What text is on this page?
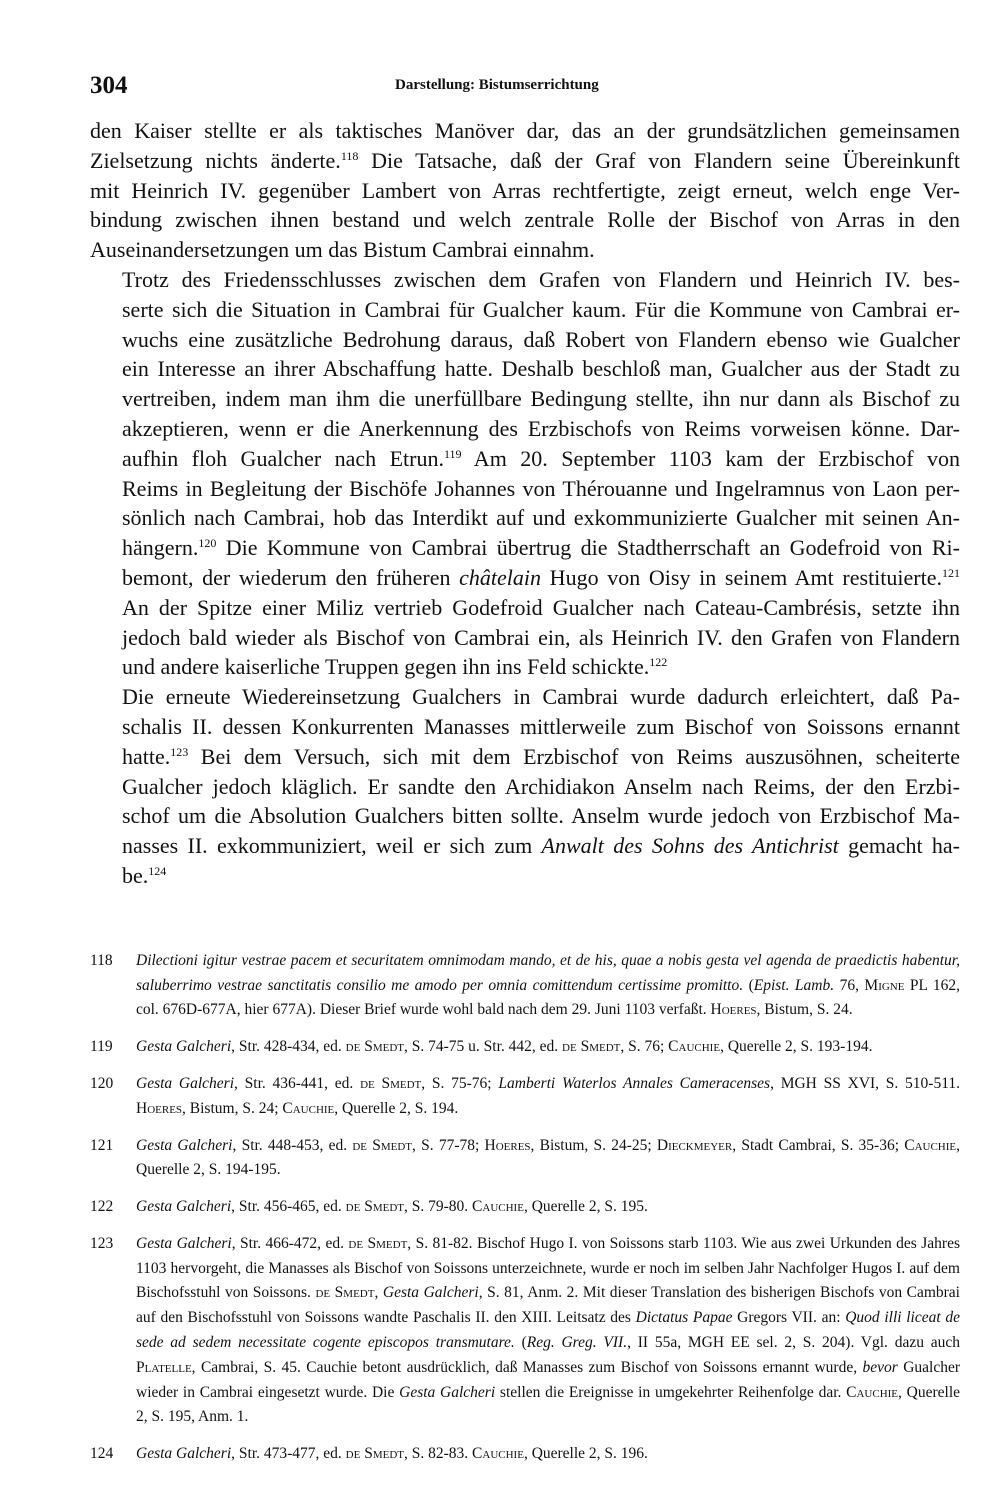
304	Darstellung: Bistumserrichtung

den Kaiser stellte er als taktisches Manöver dar, das an der grundsätzlichen gemeinsamen
Zielsetzung nichts änderte.$^{118}$ Die Tatsache, daß der Graf von Flandern seine Übereinkunft
mit Heinrich IV. gegenüber Lambert von Arras rechtfertigte, zeigt erneut, welch enge Ver-
bindung zwischen ihnen bestand und welch zentrale Rolle der Bischof von Arras in den
Auseinandersetzungen um das Bistum Cambrai einnahm.

Trotz des Friedensschlusses zwischen dem Grafen von Flandern und Heinrich IV. bes-
serte sich die Situation in Cambrai für Gualcher kaum. Für die Kommune von Cambrai er-
wuchs eine zusätzliche Bedrohung daraus, daß Robert von Flandern ebenso wie Gualcher
ein Interesse an ihrer Abschaffung hatte. Deshalb beschloß man, Gualcher aus der Stadt zu
vertreiben, indem man ihm die unerfüllbare Bedingung stellte, ihn nur dann als Bischof zu
akzeptieren, wenn er die Anerkennung des Erzbischofs von Reims vorweisen könne. Dar-
aufhin floh Gualcher nach Etrun.$^{119}$ Am 20. September 1103 kam der Erzbischof von
Reims in Begleitung der Bischöfe Johannes von Thérouanne und Ingelramnus von Laon per-
sönlich nach Cambrai, hob das Interdikt auf und exkommunizierte Gualcher mit seinen An-
hängern.$^{120}$ Die Kommune von Cambrai übertrug die Stadtherrschaft an Godefroid von Ri-
bemont, der wiederum den früheren châtelain Hugo von Oisy in seinem Amt restituierte.$^{121}$
An der Spitze einer Miliz vertrieb Godefroid Gualcher nach Cateau-Cambrésis, setzte ihn
jedoch bald wieder als Bischof von Cambrai ein, als Heinrich IV. den Grafen von Flandern
und andere kaiserliche Truppen gegen ihn ins Feld schickte.$^{122}$

Die erneute Wiedereinsetzung Gualchers in Cambrai wurde dadurch erleichtert, daß Pa-
schalis II. dessen Konkurrenten Manasses mittlerweile zum Bischof von Soissons ernannt
hatte.$^{123}$ Bei dem Versuch, sich mit dem Erzbischof von Reims auszusöhnen, scheiterte
Gualcher jedoch kläglich. Er sandte den Archidiakon Anselm nach Reims, der den Erzbi-
schof um die Absolution Gualchers bitten sollte. Anselm wurde jedoch von Erzbischof Ma-
nasses II. exkommuniziert, weil er sich zum Anwalt des Sohns des Antichrist gemacht ha-
be.$^{124}$

118	Dilectioni igitur vestrae pacem et securitatem omnimodam mando, et de his, quae a nobis gesta vel agenda de praedictis habentur, saluberrimo vestrae sanctitatis consilio me amodo per omnia comittendum certissime promitto. (Epist. Lamb. 76, Migne PL 162, col. 676D-677A, hier 677A). Dieser Brief wurde wohl bald nach dem 29. Juni 1103 verfaßt. Hoeres, Bistum, S. 24.
119	Gesta Galcheri, Str. 428-434, ed. de Smedt, S. 74-75 u. Str. 442, ed. de Smedt, S. 76; Cauchie, Querelle 2, S. 193-194.
120	Gesta Galcheri, Str. 436-441, ed. de Smedt, S. 75-76; Lamberti Waterlos Annales Cameracenses, MGH SS XVI, S. 510-511. Hoeres, Bistum, S. 24; Cauchie, Querelle 2, S. 194.
121	Gesta Galcheri, Str. 448-453, ed. de Smedt, S. 77-78; Hoeres, Bistum, S. 24-25; Dieckmeyer, Stadt Cambrai, S. 35-36; Cauchie, Querelle 2, S. 194-195.
122	Gesta Galcheri, Str. 456-465, ed. de Smedt, S. 79-80. Cauchie, Querelle 2, S. 195.
123	Gesta Galcheri, Str. 466-472, ed. de Smedt, S. 81-82. Bischof Hugo I. von Soissons starb 1103. Wie aus zwei Urkunden des Jahres 1103 hervorgeht, die Manasses als Bischof von Soissons unterzeichnete, wurde er noch im selben Jahr Nachfolger Hugos I. auf dem Bischofsstuhl von Soissons. de Smedt, Gesta Galcheri, S. 81, Anm. 2. Mit dieser Translation des bisherigen Bischofs von Cambrai auf den Bischofsstuhl von Soissons wandte Paschalis II. den XIII. Leitsatz des Dictatus Papae Gregors VII. an: Quod illi liceat de sede ad sedem necessitate cogente episcopos transmutare. (Reg. Greg. VII., II 55a, MGH EE sel. 2, S. 204). Vgl. dazu auch Platelle, Cambrai, S. 45. Cauchie betont ausdrücklich, daß Manasses zum Bischof von Soissons ernannt wurde, bevor Gualcher wieder in Cambrai eingesetzt wurde. Die Gesta Galcheri stellen die Ereignisse in umgekehrter Reihenfolge dar. Cauchie, Querelle 2, S. 195, Anm. 1.
124	Gesta Galcheri, Str. 473-477, ed. de Smedt, S. 82-83. Cauchie, Querelle 2, S. 196.
